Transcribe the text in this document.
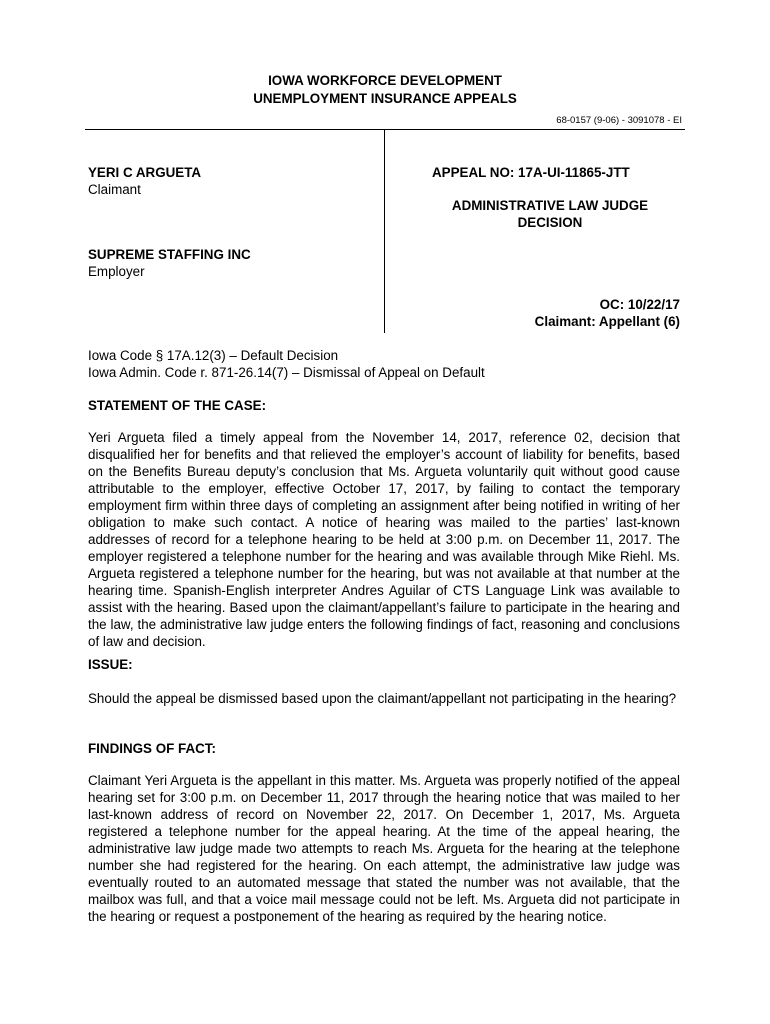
IOWA WORKFORCE DEVELOPMENT
UNEMPLOYMENT INSURANCE APPEALS
68-0157 (9-06) - 3091078 - EI
YERI C ARGUETA
Claimant
SUPREME STAFFING INC
Employer
APPEAL NO: 17A-UI-11865-JTT
ADMINISTRATIVE LAW JUDGE
DECISION
OC: 10/22/17
Claimant: Appellant (6)
Iowa Code § 17A.12(3) – Default Decision
Iowa Admin. Code r. 871-26.14(7) – Dismissal of Appeal on Default
STATEMENT OF THE CASE:

Yeri Argueta filed a timely appeal from the November 14, 2017, reference 02, decision that disqualified her for benefits and that relieved the employer’s account of liability for benefits, based on the Benefits Bureau deputy’s conclusion that Ms. Argueta voluntarily quit without good cause attributable to the employer, effective October 17, 2017, by failing to contact the temporary employment firm within three days of completing an assignment after being notified in writing of her obligation to make such contact. A notice of hearing was mailed to the parties’ last-known addresses of record for a telephone hearing to be held at 3:00 p.m. on December 11, 2017. The employer registered a telephone number for the hearing and was available through Mike Riehl. Ms. Argueta registered a telephone number for the hearing, but was not available at that number at the hearing time. Spanish-English interpreter Andres Aguilar of CTS Language Link was available to assist with the hearing. Based upon the claimant/appellant’s failure to participate in the hearing and the law, the administrative law judge enters the following findings of fact, reasoning and conclusions of law and decision.

ISSUE:

Should the appeal be dismissed based upon the claimant/appellant not participating in the hearing?

FINDINGS OF FACT:

Claimant Yeri Argueta is the appellant in this matter. Ms. Argueta was properly notified of the appeal hearing set for 3:00 p.m. on December 11, 2017 through the hearing notice that was mailed to her last-known address of record on November 22, 2017. On December 1, 2017, Ms. Argueta registered a telephone number for the appeal hearing. At the time of the appeal hearing, the administrative law judge made two attempts to reach Ms. Argueta for the hearing at the telephone number she had registered for the hearing. On each attempt, the administrative law judge was eventually routed to an automated message that stated the number was not available, that the mailbox was full, and that a voice mail message could not be left. Ms. Argueta did not participate in the hearing or request a postponement of the hearing as required by the hearing notice.
